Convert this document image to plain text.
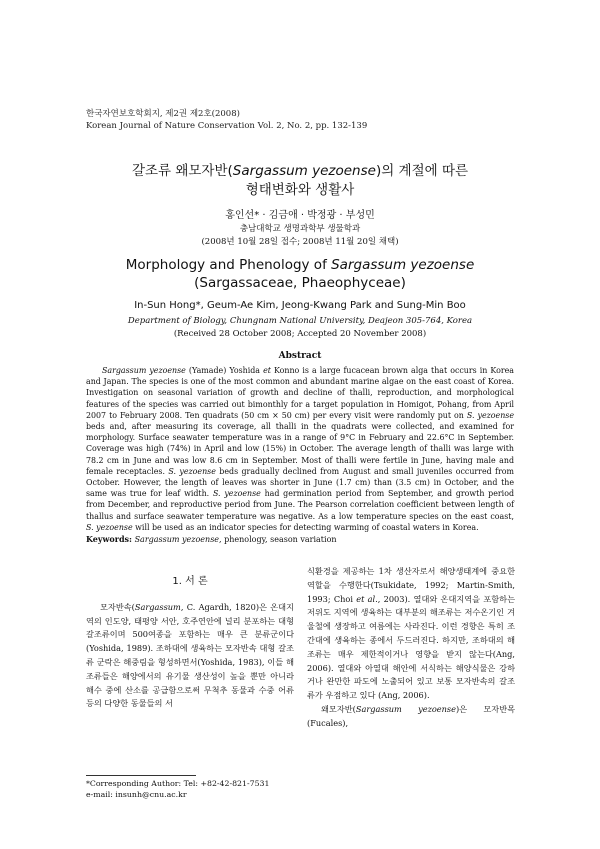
한국자연보호학회지, 제2권 제2호(2008)
Korean Journal of Nature Conservation Vol. 2, No. 2, pp. 132-139
갈조류 왜모자반(Sargassum yezoense)의 계절에 따른
형태변화와 생활사
홍인선* · 김금애 · 박정광 · 부성민
충남대학교 생명과학부 생물학과
(2008년 10월 28일 접수; 2008년 11월 20일 채택)
Morphology and Phenology of Sargassum yezoense
(Sargassaceae, Phaeophyceae)
In-Sun Hong*, Geum-Ae Kim, Jeong-Kwang Park and Sung-Min Boo
Department of Biology, Chungnam National University, Deajeon 305-764, Korea
(Received 28 October 2008; Accepted 20 November 2008)
Abstract
Sargassum yezoense (Yamade) Yoshida et Konno is a large fucacean brown alga that occurs in Korea and Japan. The species is one of the most common and abundant marine algae on the east coast of Korea. Investigation on seasonal variation of growth and decline of thalli, reproduction, and morphological features of the species was carried out bimonthly for a target population in Homigot, Pohang, from April 2007 to February 2008. Ten quadrats (50 cm × 50 cm) per every visit were randomly put on S. yezoense beds and, after measuring its coverage, all thalli in the quadrats were collected, and examined for morphology. Surface seawater temperature was in a range of 9°C in February and 22.6°C in September. Coverage was high (74%) in April and low (15%) in October. The average length of thalli was large with 78.2 cm in June and was low 8.6 cm in September. Most of thalli were fertile in June, having male and female receptacles. S. yezoense beds gradually declined from August and small juveniles occurred from October. However, the length of leaves was shorter in June (1.7 cm) than (3.5 cm) in October, and the same was true for leaf width. S. yezoense had germination period from September, and growth period from December, and reproductive period from June. The Pearson correlation coefficient between length of thallus and surface seawater temperature was negative. As a low temperature species on the east coast, S. yezoense will be used as an indicator species for detecting warming of coastal waters in Korea.
Keywords: Sargassum yezoense, phenology, season variation
1. 서 론

모자반속(Sargassum, C. Agardh, 1820)은 온대지역의 인도양, 태평양 서안, 호주연안에 널리 분포하는 대형 갈조류이며 500여종을 포함하는 매우 큰 분류군이다(Yoshida, 1989). 조하대에 생육하는 모자반속 대형 갈조류 군락은 해중림을 형성하면서(Yoshida, 1983), 이들 해조류들은 해양에서의 유기물 생산성이 높을 뿐만 아니라 해수 중에 산소를 공급함으로써 무척추 동물과 수중 어류 등의 다양한 동물들의 서

식환경을 제공하는 1차 생산자로서 해양생태계에 중요한 역할을 수행한다(Tsukidate, 1992; Martin-Smith, 1993; Choi et al., 2003). 열대와 온대지역을 포함하는 저위도 지역에 생육하는 대부분의 해조류는 저수온기인 겨울철에 생장하고 여름에는 사라진다. 이런 경향은 특히 조간대에 생육하는 종에서 두드러진다. 하지만, 조하대의 해조류는 매우 제한적이거나 영향을 받지 않는다(Ang, 2006). 열대와 아열대 해안에 서식하는 해양식물은 강하거나 완만한 파도에 노출되어 있고 보통 모자반속의 갈조류가 우점하고 있다 (Ang, 2006).

왜모자반(Sargassum yezoense)은 모자반목(Fucales),

*Corresponding Author: Tel: +82-42-821-7531
e-mail: insunh@cnu.ac.kr
